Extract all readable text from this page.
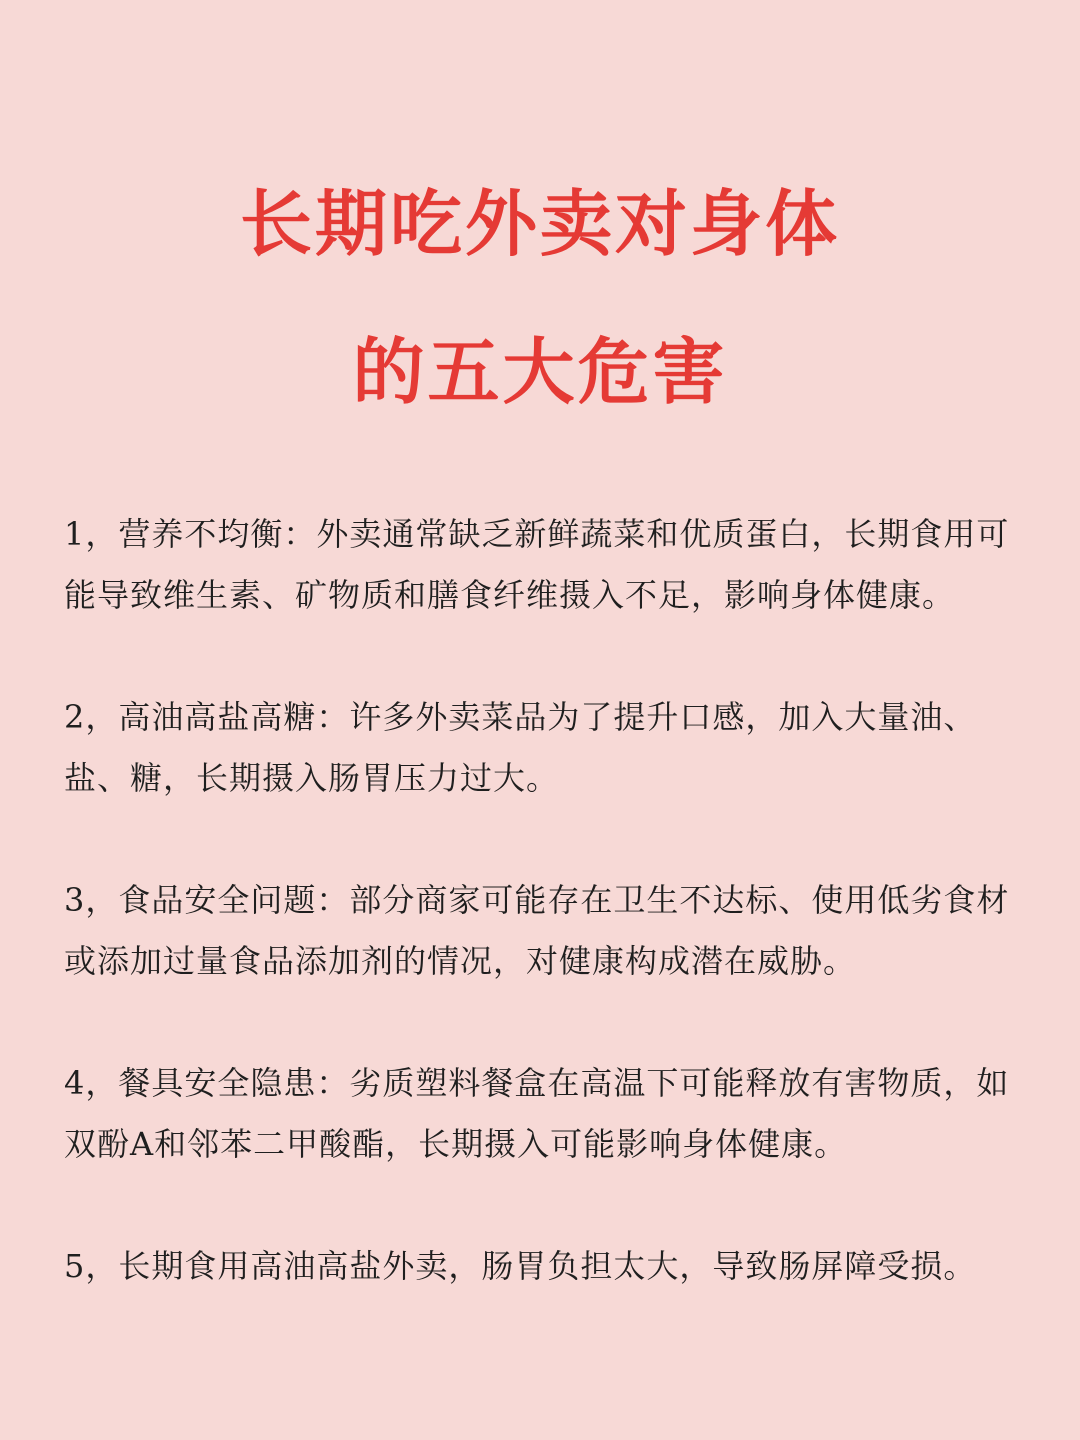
长期吃外卖对身体
的五大危害

1，营养不均衡：外卖通常缺乏新鲜蔬菜和优质蛋白，长期食用可能导致维生素、矿物质和膳食纤维摄入不足，影响身体健康。

2，高油高盐高糖：许多外卖菜品为了提升口感，加入大量油、盐、糖，长期摄入肠胃压力过大。

3，食品安全问题：部分商家可能存在卫生不达标、使用低劣食材或添加过量食品添加剂的情况，对健康构成潜在威胁。

4，餐具安全隐患：劣质塑料餐盒在高温下可能释放有害物质，如双酚A和邻苯二甲酸酯，长期摄入可能影响身体健康。

5，长期食用高油高盐外卖，肠胃负担太大，导致肠屏障受损。
